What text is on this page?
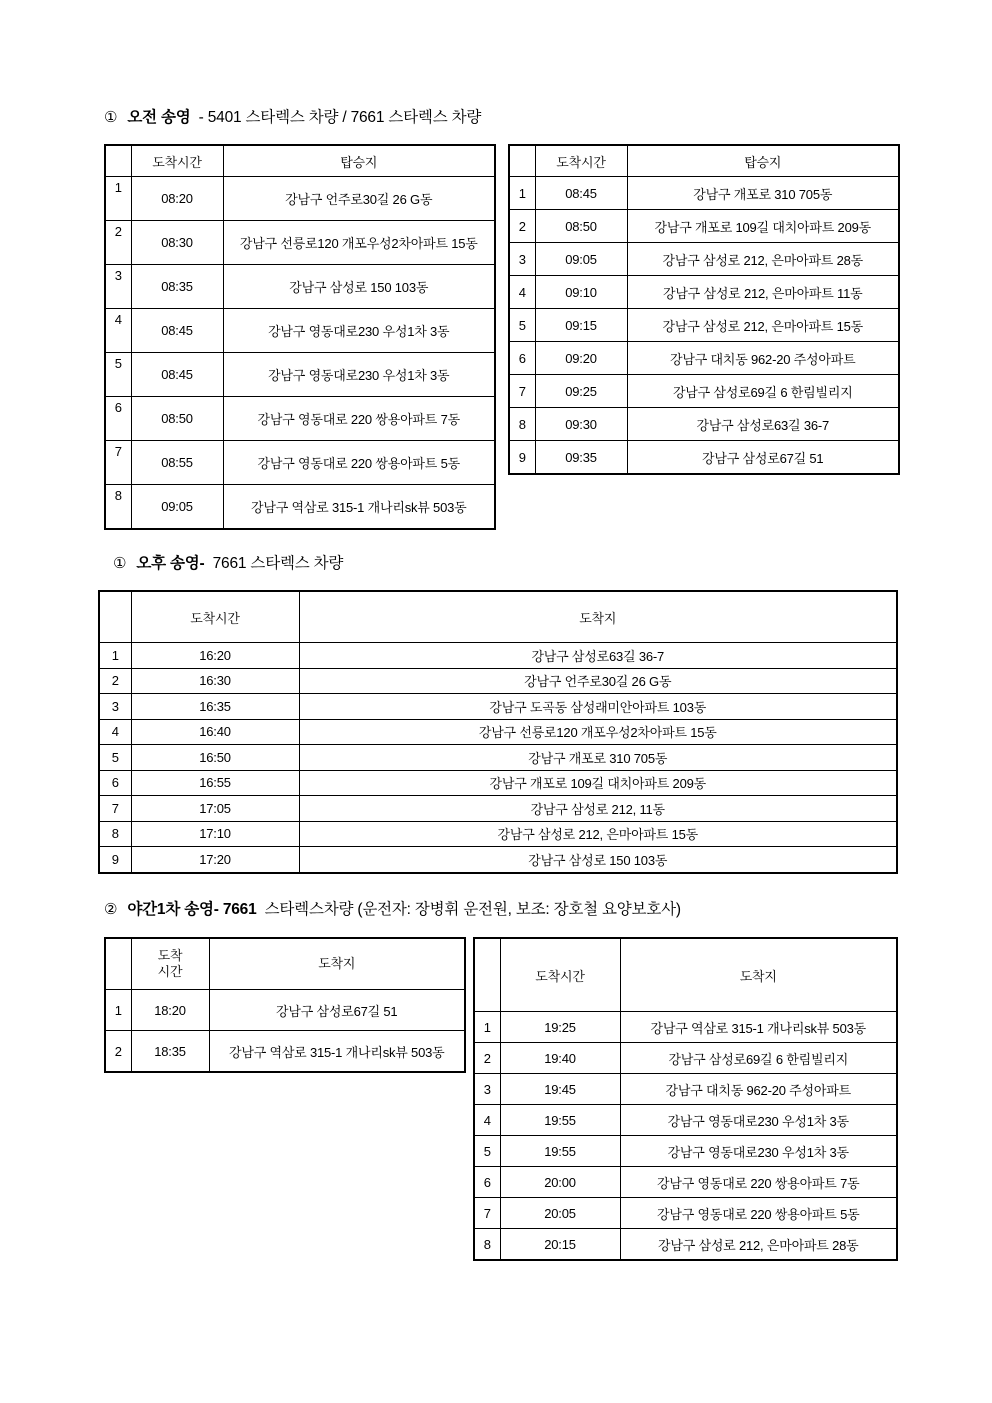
① 오전 송영 - 5401 스타렉스 차량 / 7661 스타렉스 차량
	도착시간	탑승지
1	08:20	강남구 언주로30길 26 G동
2	08:30	강남구 선릉로120 개포우성2차아파트 15동
3	08:35	강남구 삼성로 150 103동
4	08:45	강남구 영동대로230 우성1차 3동
5	08:45	강남구 영동대로230 우성1차 3동
6	08:50	강남구 영동대로 220 쌍용아파트 7동
7	08:55	강남구 영동대로 220 쌍용아파트 5동
8	09:05	강남구 역삼로 315-1 개나리sk뷰 503동
	도착시간	탑승지
1	08:45	강남구 개포로 310 705동
2	08:50	강남구 개포로 109길 대치아파트 209동
3	09:05	강남구 삼성로 212, 은마아파트 28동
4	09:10	강남구 삼성로 212, 은마아파트 11동
5	09:15	강남구 삼성로 212, 은마아파트 15동
6	09:20	강남구 대치동 962-20 주성아파트
7	09:25	강남구 삼성로69길 6 한림빌리지
8	09:30	강남구 삼성로63길 36-7
9	09:35	강남구 삼성로67길 51
① 오후 송영- 7661 스타렉스 차량
	도착시간	도착지
1	16:20	강남구 삼성로63길 36-7
2	16:30	강남구 언주로30길 26 G동
3	16:35	강남구 도곡동 삼성래미안아파트 103동
4	16:40	강남구 선릉로120 개포우성2차아파트 15동
5	16:50	강남구 개포로 310 705동
6	16:55	강남구 개포로 109길 대치아파트 209동
7	17:05	강남구 삼성로 212, 11동
8	17:10	강남구 삼성로 212, 은마아파트 15동
9	17:20	강남구 삼성로 150 103동
② 야간1차 송영- 7661 스타렉스차량 (운전자: 장병휘 운전원, 보조: 장호철 요양보호사)
	도착
시간	도착지
1	18:20	강남구 삼성로67길 51
2	18:35	강남구 역삼로 315-1 개나리sk뷰 503동
	도착시간	도착지
1	19:25	강남구 역삼로 315-1 개나리sk뷰 503동
2	19:40	강남구 삼성로69길 6 한림빌리지
3	19:45	강남구 대치동 962-20 주성아파트
4	19:55	강남구 영동대로230 우성1차 3동
5	19:55	강남구 영동대로230 우성1차 3동
6	20:00	강남구 영동대로 220 쌍용아파트 7동
7	20:05	강남구 영동대로 220 쌍용아파트 5동
8	20:15	강남구 삼성로 212, 은마아파트 28동
